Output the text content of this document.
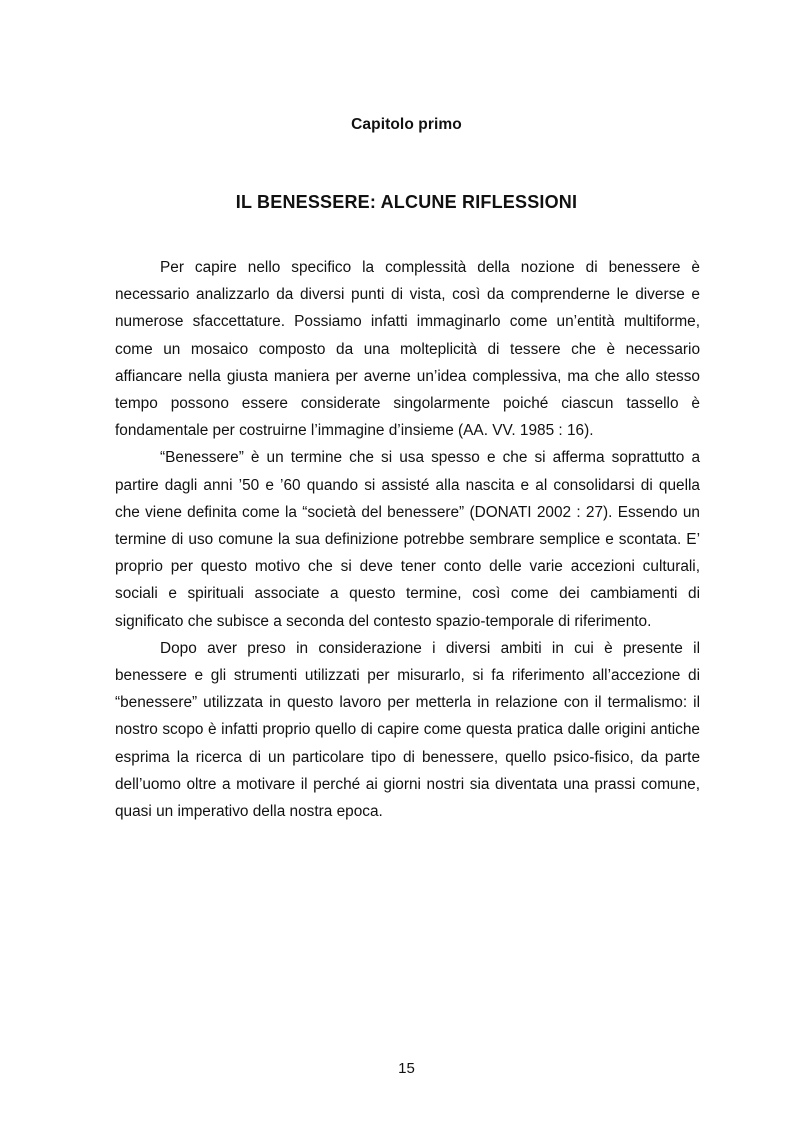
Capitolo primo
IL BENESSERE: ALCUNE RIFLESSIONI

Per capire nello specifico la complessità della nozione di benessere è necessario analizzarlo da diversi punti di vista, così da comprenderne le diverse e numerose sfaccettature. Possiamo infatti immaginarlo come un’entità multiforme, come un mosaico composto da una molteplicità di tessere che è necessario affiancare nella giusta maniera per averne un’idea complessiva, ma che allo stesso tempo possono essere considerate singolarmente poiché ciascun tassello è fondamentale per costruirne l’immagine d’insieme (AA. VV. 1985 : 16).

“Benessere” è un termine che si usa spesso e che si afferma soprattutto a partire dagli anni ’50 e ’60 quando si assisté alla nascita e al consolidarsi di quella che viene definita come la “società del benessere” (DONATI 2002 : 27). Essendo un termine di uso comune la sua definizione potrebbe sembrare semplice e scontata. E’ proprio per questo motivo che si deve tener conto delle varie accezioni culturali, sociali e spirituali associate a questo termine, così come dei cambiamenti di significato che subisce a seconda del contesto spazio-temporale di riferimento.

Dopo aver preso in considerazione i diversi ambiti in cui è presente il benessere e gli strumenti utilizzati per misurarlo, si fa riferimento all’accezione di “benessere” utilizzata in questo lavoro per metterla in relazione con il termalismo: il nostro scopo è infatti proprio quello di capire come questa pratica dalle origini antiche esprima la ricerca di un particolare tipo di benessere, quello psico-fisico, da parte dell’uomo oltre a motivare il perché ai giorni nostri sia diventata una prassi comune, quasi un imperativo della nostra epoca.

15
